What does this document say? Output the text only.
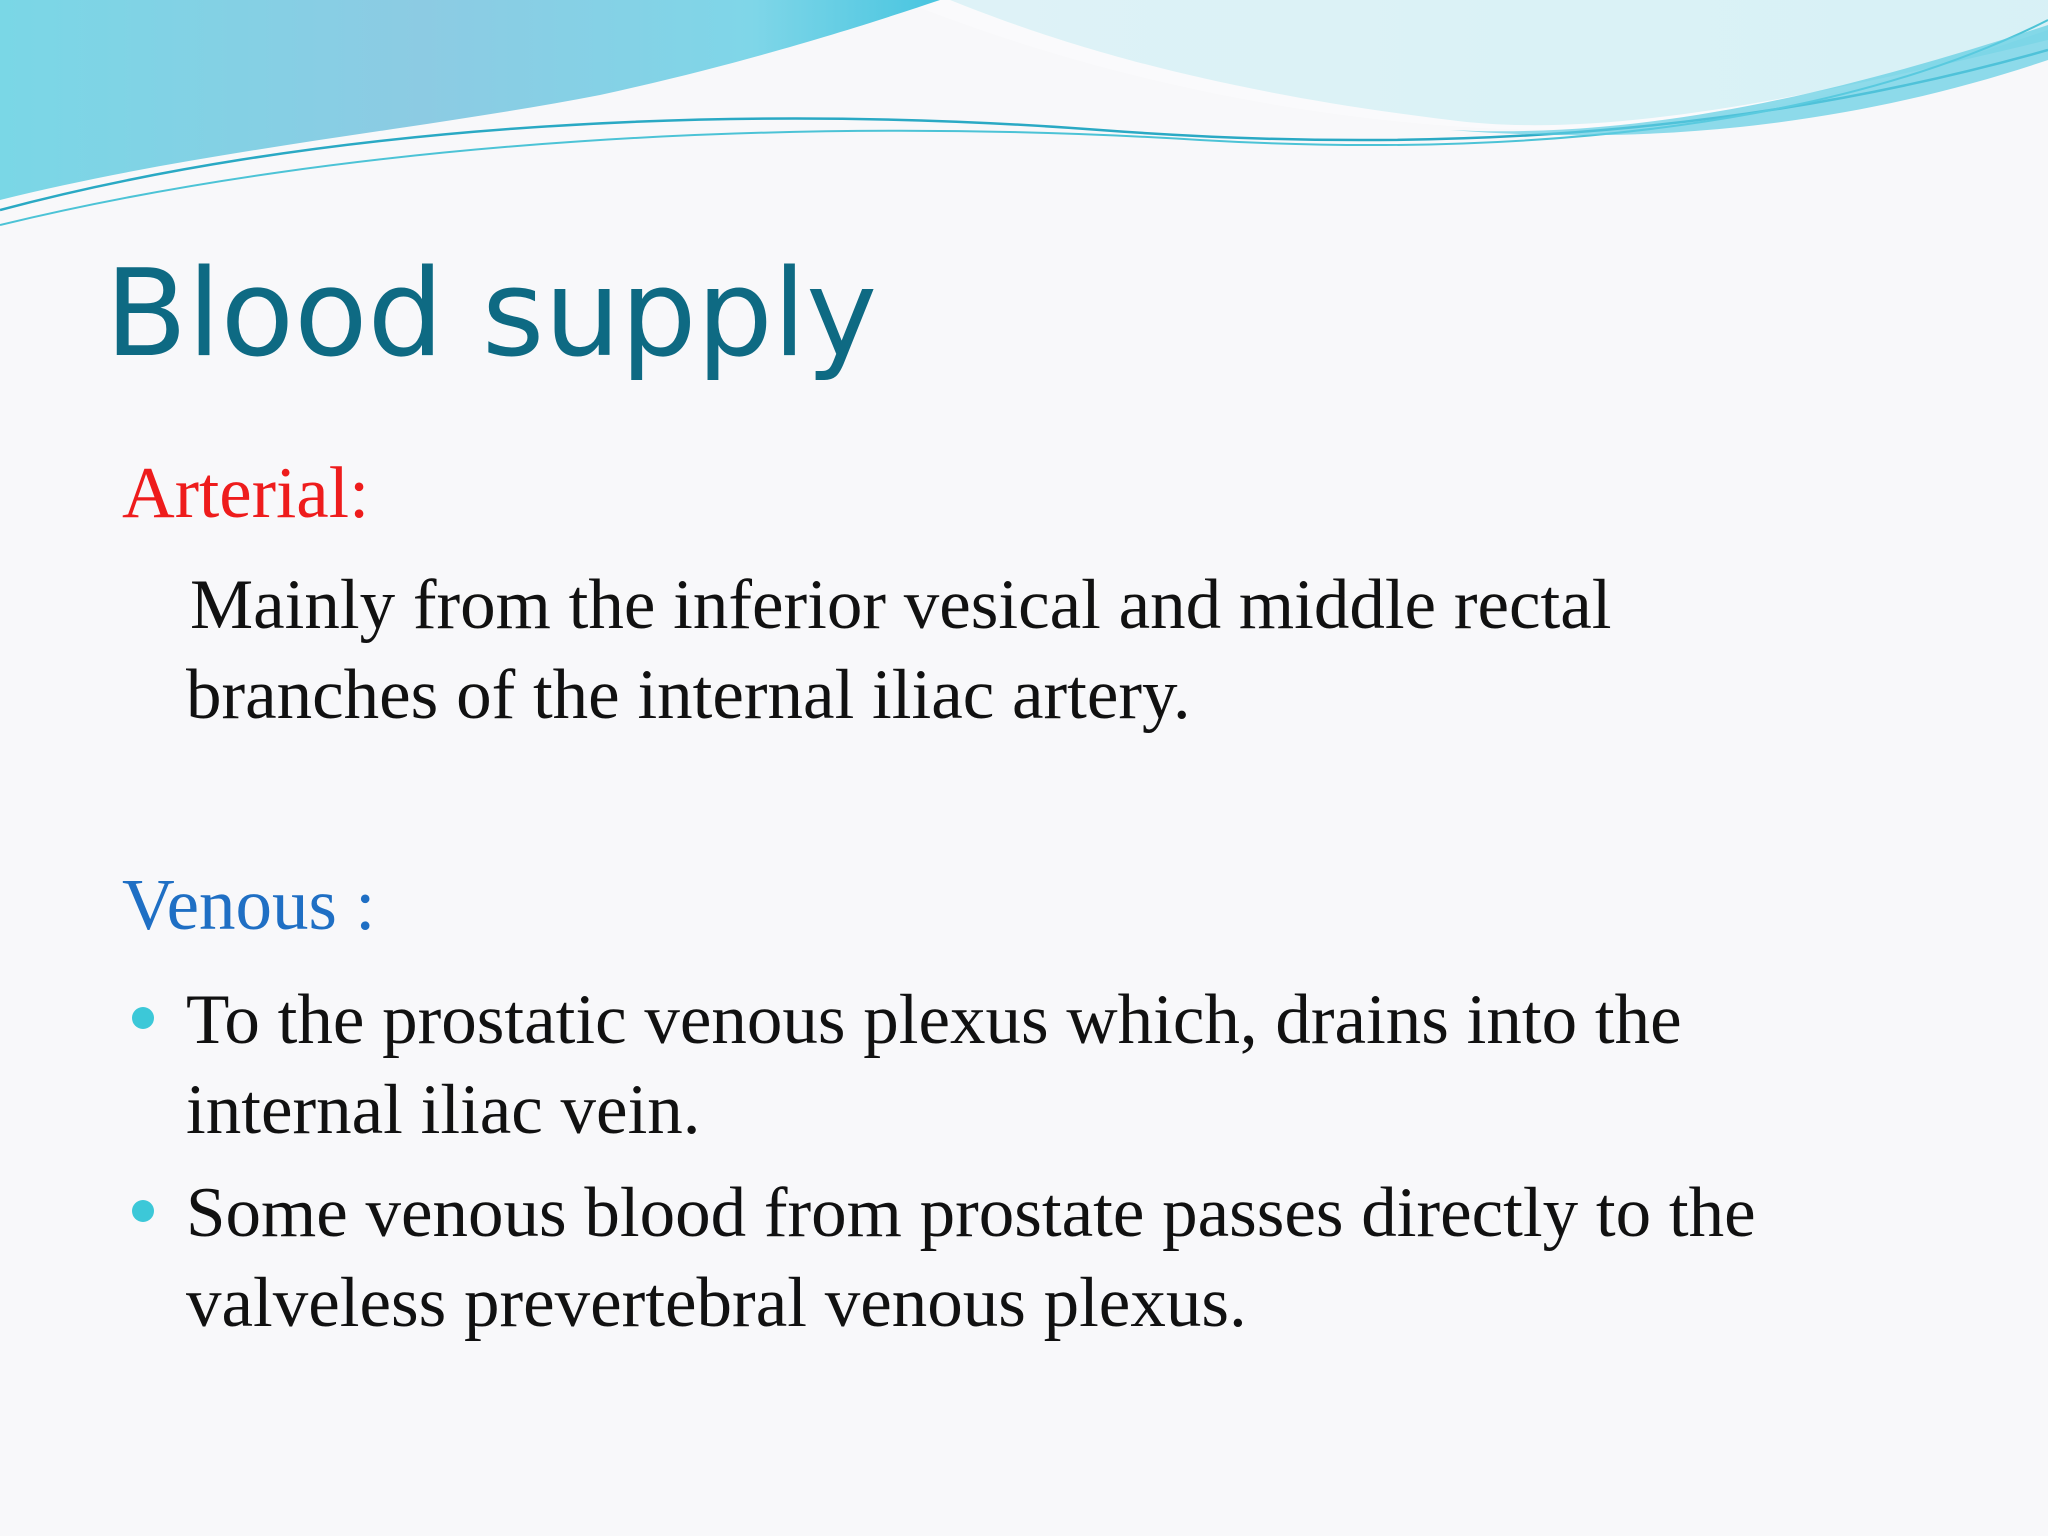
Blood supply
Arterial:
Mainly from the inferior vesical and middle rectal
branches of the internal iliac artery.
Venous :
To the prostatic venous plexus which, drains into the
internal iliac vein.
Some venous blood from prostate passes directly to the
valveless prevertebral venous plexus.
